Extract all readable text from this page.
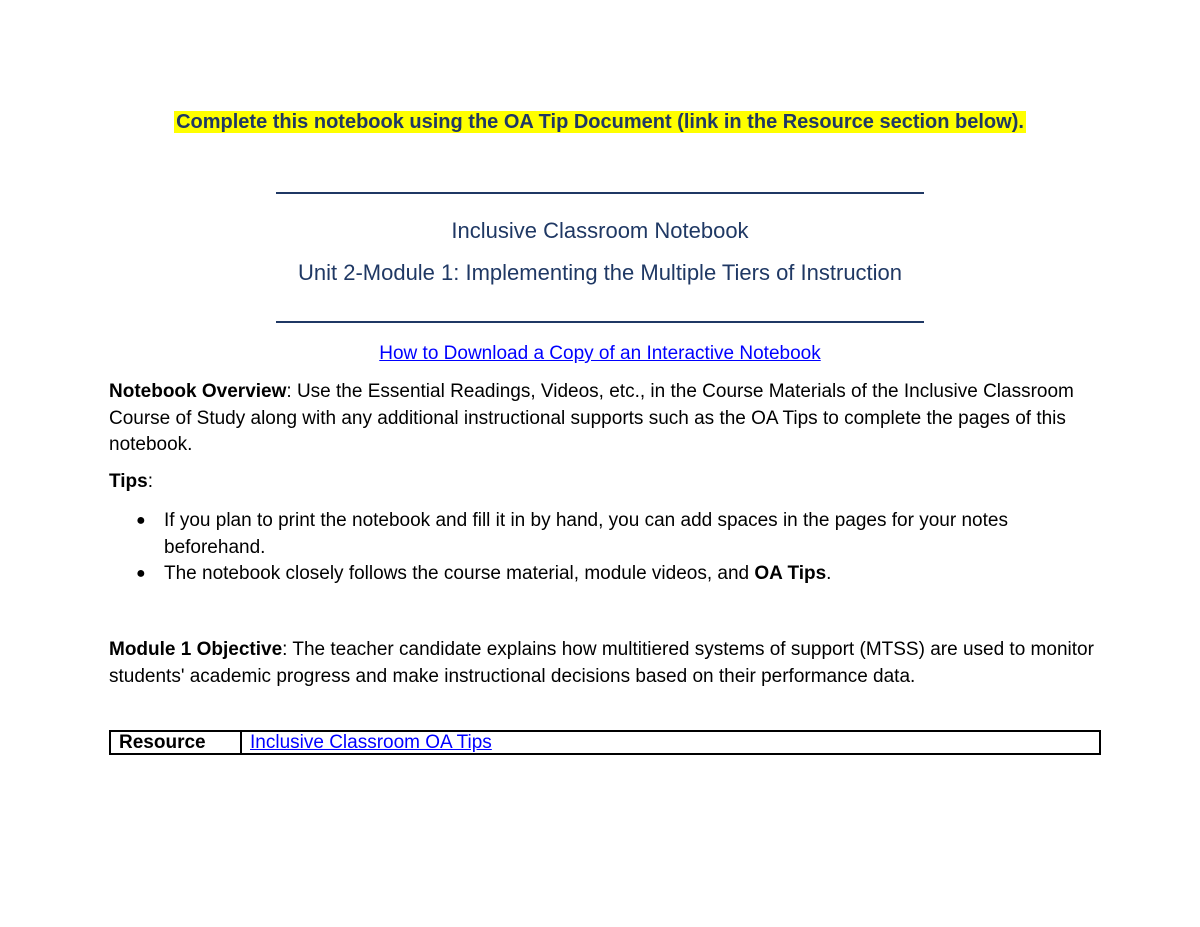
Complete this notebook using the OA Tip Document (link in the Resource section below).
Inclusive Classroom Notebook
Unit 2-Module 1: Implementing the Multiple Tiers of Instruction
How to Download a Copy of an Interactive Notebook
Notebook Overview: Use the Essential Readings, Videos, etc., in the Course Materials of the Inclusive Classroom Course of Study along with any additional instructional supports such as the OA Tips to complete the pages of this notebook.
Tips:
● If you plan to print the notebook and fill it in by hand, you can add spaces in the pages for your notes beforehand.
● The notebook closely follows the course material, module videos, and OA Tips.
Module 1 Objective: The teacher candidate explains how multitiered systems of support (MTSS) are used to monitor students' academic progress and make instructional decisions based on their performance data.
Resource	Inclusive Classroom OA Tips
